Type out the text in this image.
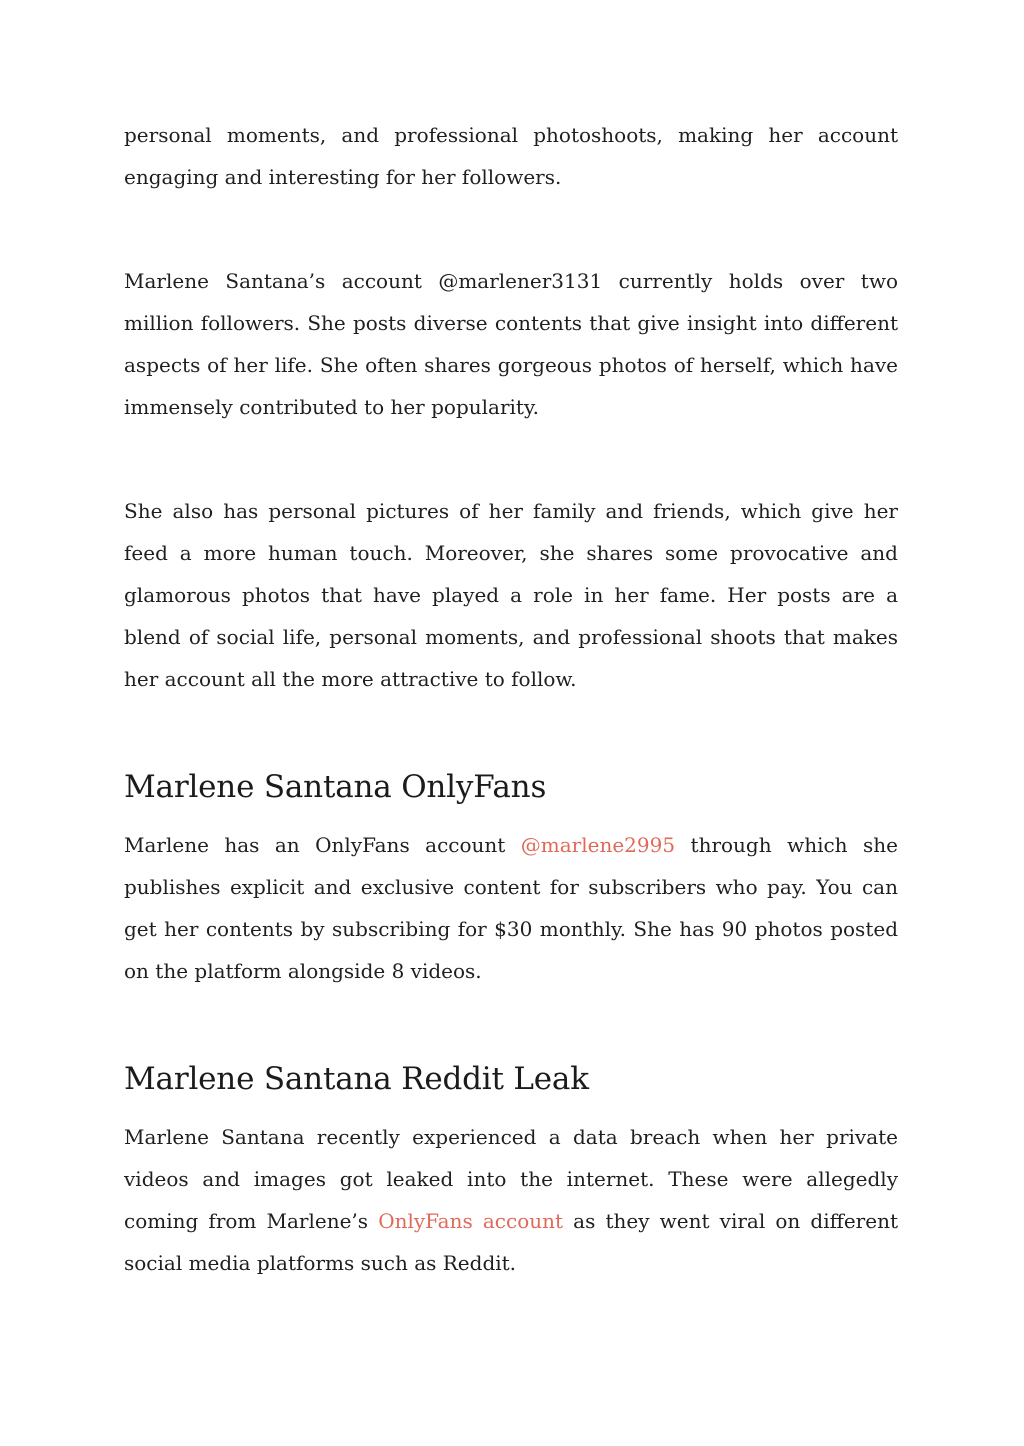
personal moments, and professional photoshoots, making her account engaging and interesting for her followers.

Marlene Santana’s account @marlener3131 currently holds over two million followers. She posts diverse contents that give insight into different aspects of her life. She often shares gorgeous photos of herself, which have immensely contributed to her popularity.

She also has personal pictures of her family and friends, which give her feed a more human touch. Moreover, she shares some provocative and glamorous photos that have played a role in her fame. Her posts are a blend of social life, personal moments, and professional shoots that makes her account all the more attractive to follow.

Marlene Santana OnlyFans

Marlene has an OnlyFans account @marlene2995 through which she publishes explicit and exclusive content for subscribers who pay. You can get her contents by subscribing for $30 monthly. She has 90 photos posted on the platform alongside 8 videos.

Marlene Santana Reddit Leak

Marlene Santana recently experienced a data breach when her private videos and images got leaked into the internet. These were allegedly coming from Marlene’s OnlyFans account as they went viral on different social media platforms such as Reddit.
